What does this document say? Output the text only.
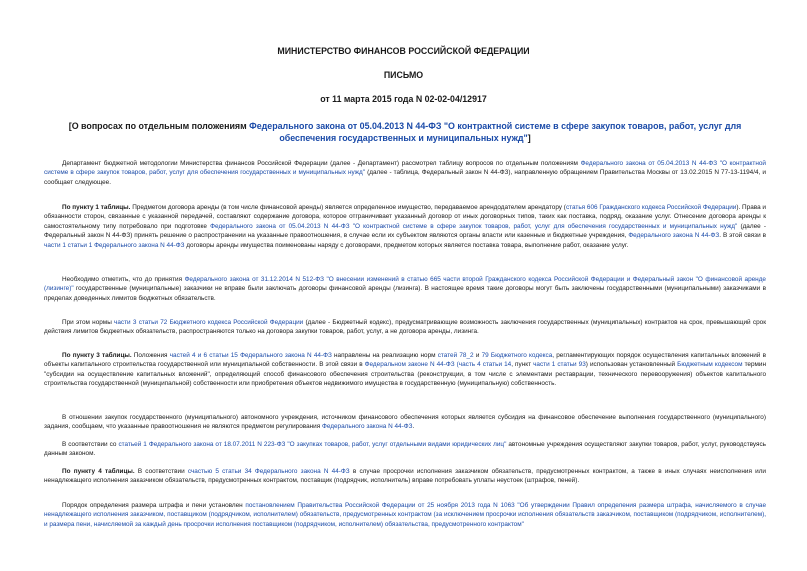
МИНИСТЕРСТВО ФИНАНСОВ РОССИЙСКОЙ ФЕДЕРАЦИИ
ПИСЬМО
от 11 марта 2015 года N 02-02-04/12917
[О вопросах по отдельным положениям Федерального закона от 05.04.2013 N 44-ФЗ "О контрактной системе в сфере закупок товаров, работ, услуг для обеспечения государственных и муниципальных нужд"]

Департамент бюджетной методологии Министерства финансов Российской Федерации (далее - Департамент) рассмотрел таблицу вопросов по отдельным положениям Федерального закона от 05.04.2013 N 44-ФЗ "О контрактной системе в сфере закупок товаров, работ, услуг для обеспечения государственных и муниципальных нужд" (далее - таблица, Федеральный закон N 44-ФЗ), направленную обращением Правительства Москвы от 13.02.2015 N 77-13-1194/4, и сообщает следующее.

По пункту 1 таблицы. Предметом договора аренды (в том числе финансовой аренды) является определенное имущество, передаваемое арендодателем арендатору (статья 606 Гражданского кодекса Российской Федерации). Права и обязанности сторон, связанные с указанной передачей, составляют содержание договора, которое отграничивает указанный договор от иных договорных типов, таких как поставка, подряд, оказание услуг. Отнесение договора аренды к самостоятельному типу потребовало при подготовке Федерального закона от 05.04.2013 N 44-ФЗ "О контрактной системе в сфере закупок товаров, работ, услуг для обеспечения государственных и муниципальных нужд" (далее - Федеральный закон N 44-ФЗ) принять решение о распространении на указанные правоотношения, в случае если их субъектом являются органы власти или казенные и бюджетные учреждения, Федерального закона N 44-ФЗ. В этой связи в части 1 статьи 1 Федерального закона N 44-ФЗ договоры аренды имущества поименованы наряду с договорами, предметом которых является поставка товара, выполнение работ, оказание услуг.

Необходимо отметить, что до принятия Федерального закона от 31.12.2014 N 512-ФЗ "О внесении изменений в статью 665 части второй Гражданского кодекса Российской Федерации и Федеральный закон "О финансовой аренде (лизинге)" государственные (муниципальные) заказчики не вправе были заключать договоры финансовой аренды (лизинга). В настоящее время такие договоры могут быть заключены государственными (муниципальными) заказчиками в пределах доведенных лимитов бюджетных обязательств.

При этом нормы части 3 статьи 72 Бюджетного кодекса Российской Федерации (далее - Бюджетный кодекс), предусматривающие возможность заключения государственных (муниципальных) контрактов на срок, превышающий срок действия лимитов бюджетных обязательств, распространяются только на договора закупки товаров, работ, услуг, а не договора аренды, лизинга.

По пункту 3 таблицы. Положения частей 4 и 6 статьи 15 Федерального закона N 44-ФЗ направлены на реализацию норм статей 78_2 и 79 Бюджетного кодекса, регламентирующих порядок осуществления капитальных вложений в объекты капитального строительства государственной или муниципальной собственности. В этой связи в Федеральном законе N 44-ФЗ (часть 4 статьи 14, пункт части 1 статьи 93) использован установленный Бюджетным кодексом термин "субсидии на осуществление капитальных вложений", определяющий способ финансового обеспечения строительства (реконструкции, в том числе с элементами реставрации, технического перевооружения) объектов капитального строительства государственной (муниципальной) собственности или приобретения объектов недвижимого имущества в государственную (муниципальную) собственность.

В отношении закупок государственного (муниципального) автономного учреждения, источником финансового обеспечения которых является субсидия на финансовое обеспечение выполнения государственного (муниципального) задания, сообщаем, что указанные правоотношения не являются предметом регулирования Федерального закона N 44-ФЗ.

В соответствии со статьей 1 Федерального закона от 18.07.2011 N 223-ФЗ "О закупках товаров, работ, услуг отдельными видами юридических лиц" автономные учреждения осуществляют закупки товаров, работ, услуг, руководствуясь данным законом.

По пункту 4 таблицы. В соответствии счастью 5 статьи 34 Федерального закона N 44-ФЗ в случае просрочки исполнения заказчиком обязательств, предусмотренных контрактом, а также в иных случаях неисполнения или ненадлежащего исполнения заказчиком обязательств, предусмотренных контрактом, поставщик (подрядчик, исполнитель) вправе потребовать уплаты неустоек (штрафов, пеней).

Порядок определения размера штрафа и пени установлен постановлением Правительства Российской Федерации от 25 ноября 2013 года N 1063 "Об утверждении Правил определения размера штрафа, начисляемого в случае ненадлежащего исполнения заказчиком, поставщиком (подрядчиком, исполнителем) обязательств, предусмотренных контрактом (за исключением просрочки исполнения обязательств заказчиком, поставщиком (подрядчиком, исполнителем), и размера пени, начисляемой за каждый день просрочки исполнения поставщиком (подрядчиком, исполнителем) обязательства, предусмотренного контрактом"
